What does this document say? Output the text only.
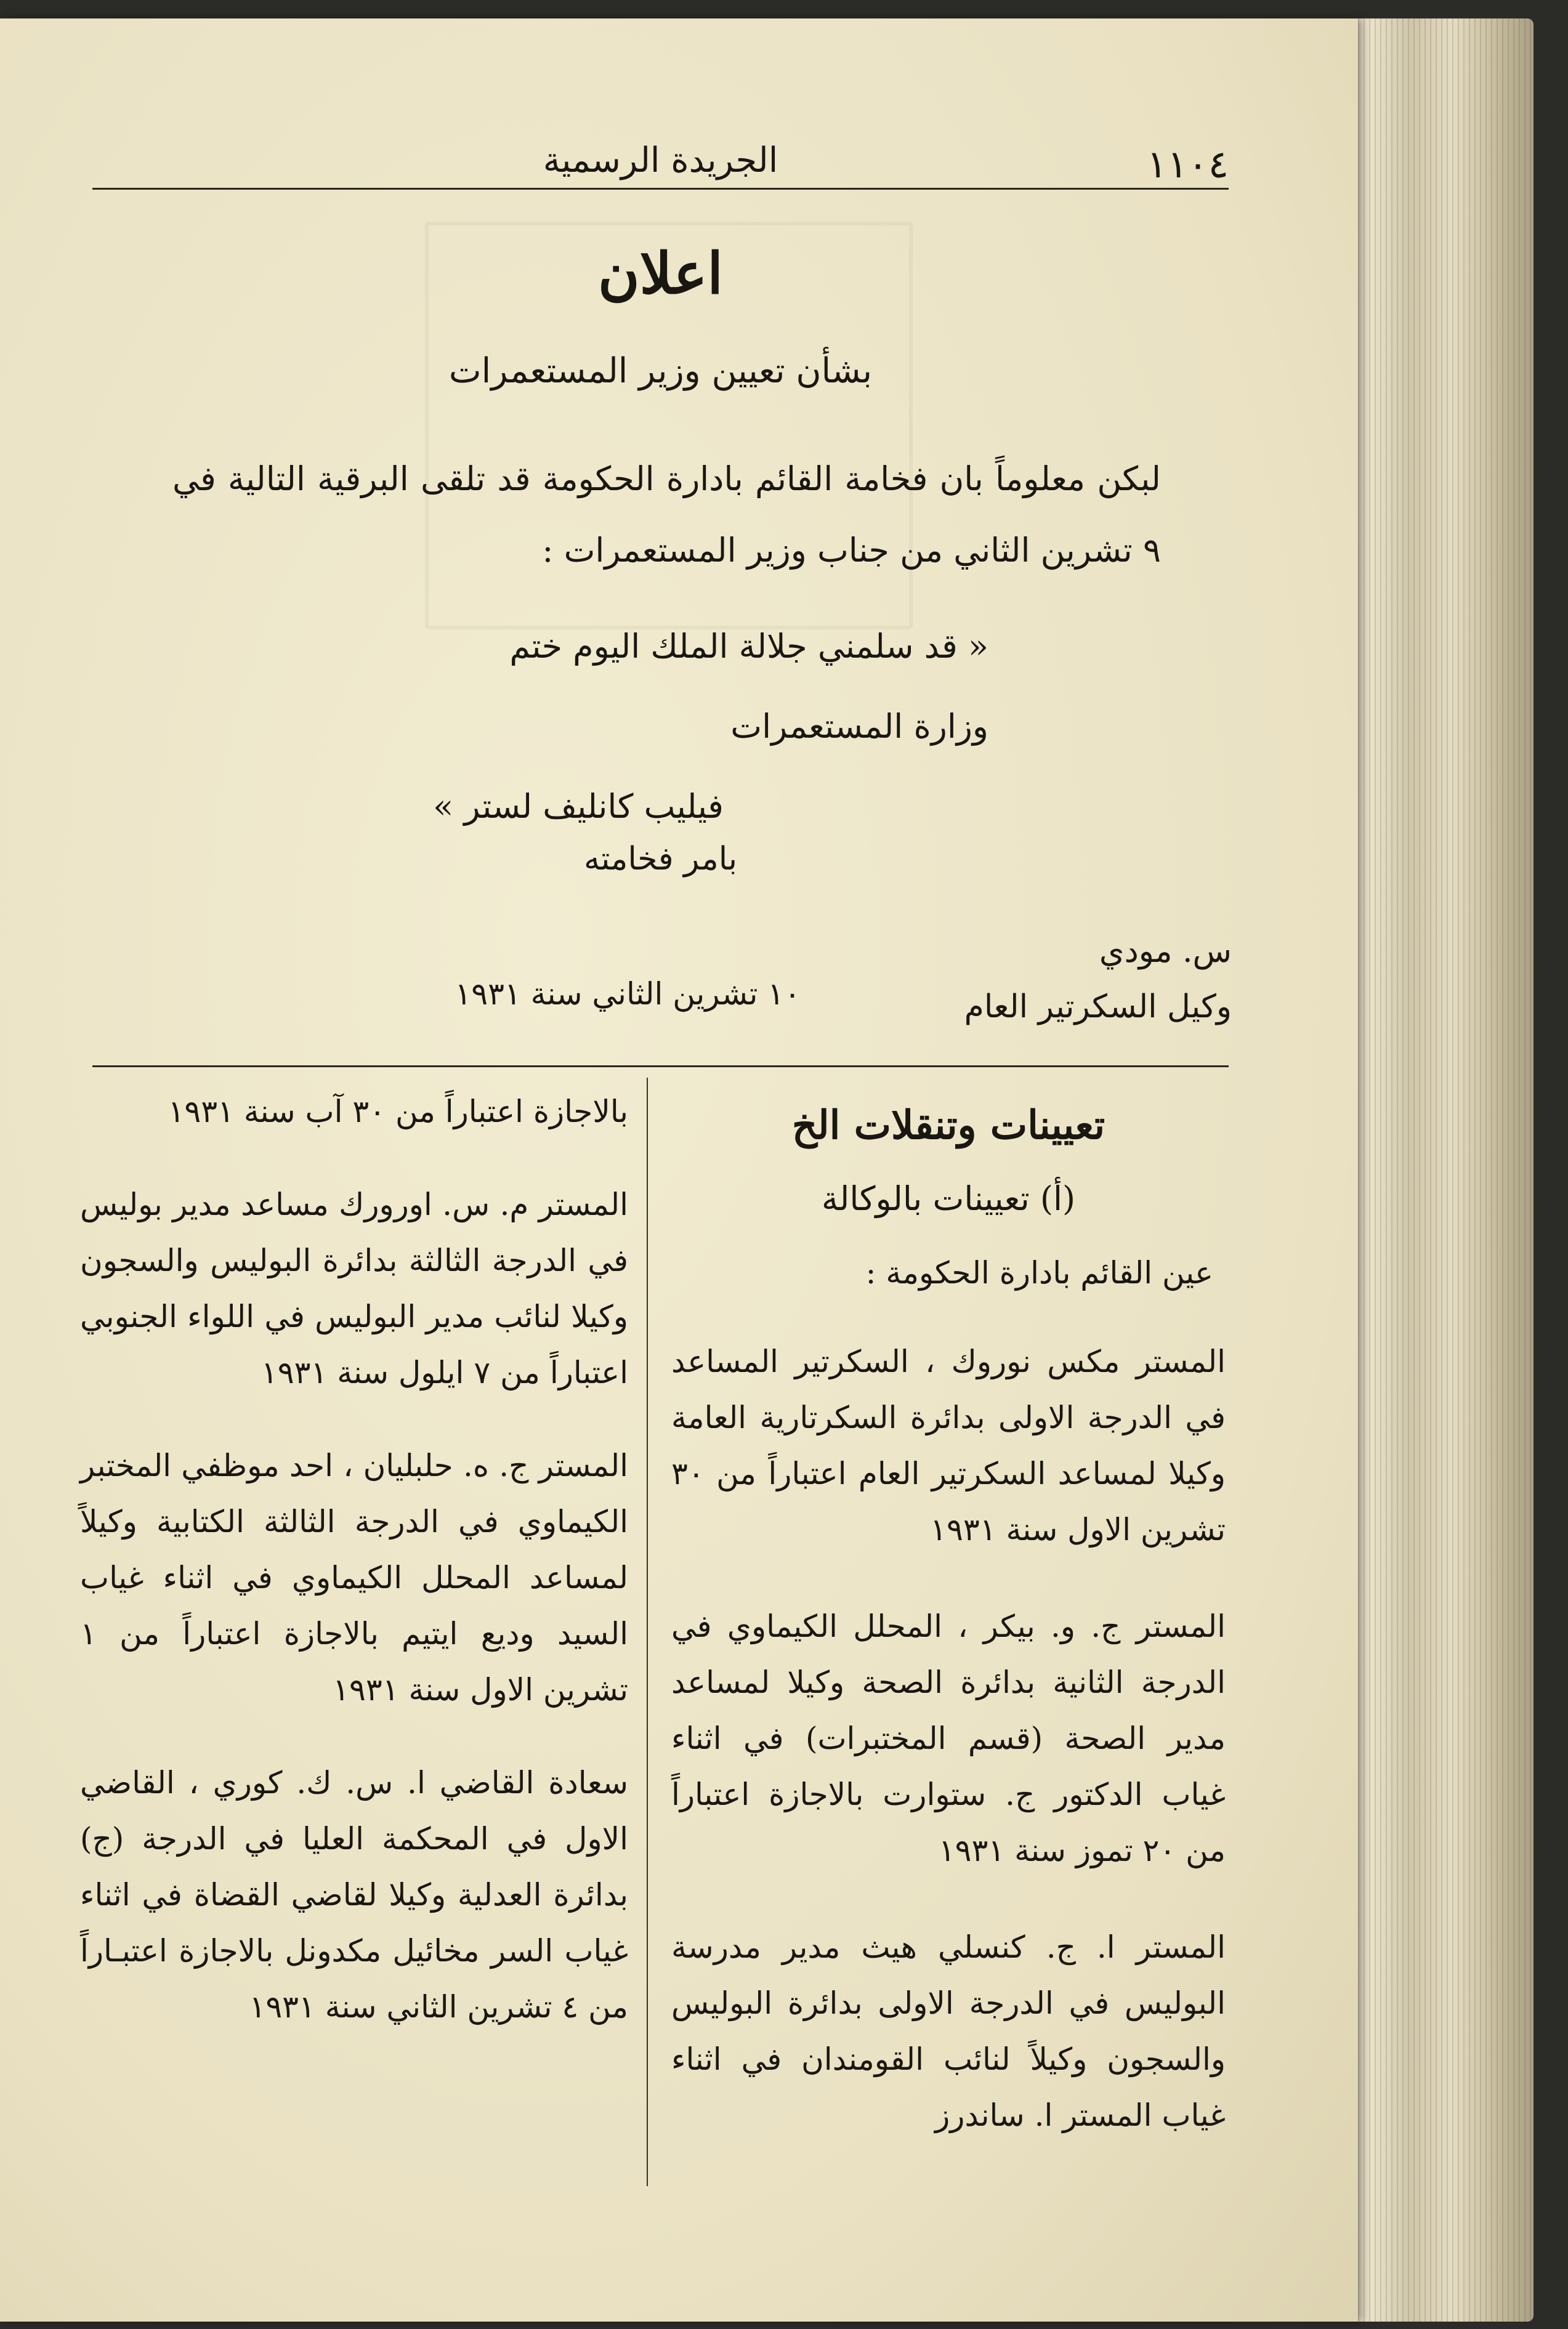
١١٠٤
الجريدة الرسمية
اعلان
بشأن تعيين وزير المستعمرات
لبكن معلوماً بان فخامة القائم بادارة الحكومة قد تلقى البرقية التالية في ٩ تشرين الثاني من جناب وزير المستعمرات :
« قد سلمني جلالة الملك اليوم ختم وزارة المستعمرات
فيليب كانليف لستر »
بامر فخامته
س. مودي
وكيل السكرتير العام
١٠ تشرين الثاني سنة ١٩٣١
تعيينات وتنقلات الخ
(أ) تعيينات بالوكالة
عين القائم بادارة الحكومة :
المستر مكس نوروك ، السكرتير المساعد في الدرجة الاولى بدائرة السكرتارية العامة وكيلا لمساعد السكرتير العام اعتباراً من ٣٠ تشرين الاول سنة ١٩٣١
المستر ج. و. بيكر ، المحلل الكيماوي في الدرجة الثانية بدائرة الصحة وكيلا لمساعد مدير الصحة (قسم المختبرات) في اثناء غياب الدكتور ج. ستوارت بالاجازة اعتباراً من ٢٠ تموز سنة ١٩٣١
المستر ا. ج. كنسلي هيث مدير مدرسة البوليس في الدرجة الاولى بدائرة البوليس والسجون وكيلاً لنائب القومندان في اثناء غياب المستر ا. ساندرز
بالاجازة اعتباراً من ٣٠ آب سنة ١٩٣١
المستر م. س. اورورك مساعد مدير بوليس في الدرجة الثالثة بدائرة البوليس والسجون وكيلا لنائب مدير البوليس في اللواء الجنوبي اعتباراً من ٧ ايلول سنة ١٩٣١
المستر ج. ه. حلبليان ، احد موظفي المختبر الكيماوي في الدرجة الثالثة الكتابية وكيلاً لمساعد المحلل الكيماوي في اثناء غياب السيد وديع ايتيم بالاجازة اعتباراً من ١ تشرين الاول سنة ١٩٣١
سعادة القاضي ا. س. ك. كوري ، القاضي الاول في المحكمة العليا في الدرجة (ج) بدائرة العدلية وكيلا لقاضي القضاة في اثناء غياب السر مخائيل مكدونل بالاجازة اعتبـاراً من ٤ تشرين الثاني سنة ١٩٣١
